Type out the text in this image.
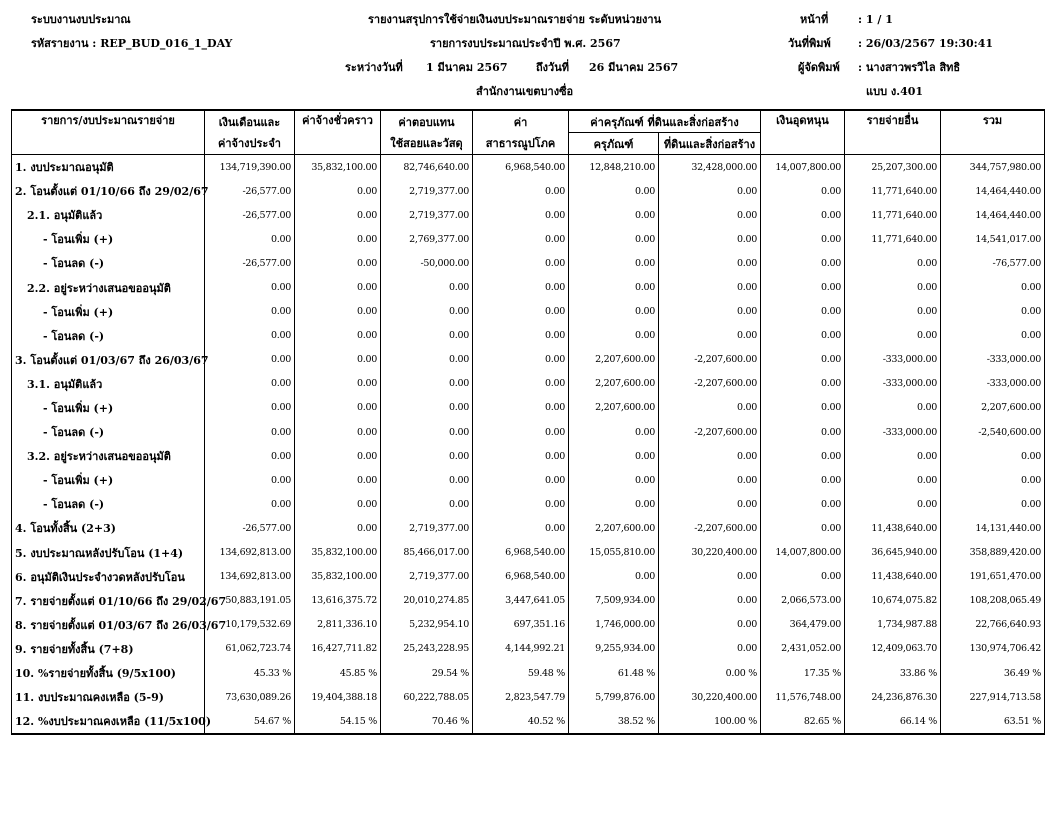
ระบบงานงบประมาณ
รหัสรายงาน : REP_BUD_016_1_DAY
รายงานสรุปการใช้จ่ายเงินงบประมาณรายจ่าย ระดับหน่วยงาน
รายการงบประมาณประจำปี พ.ศ. 2567
ระหว่างวันที่ 1 มีนาคม 2567	ถึงวันที่ 26 มีนาคม 2567
สำนักงานเขตบางซื่อ
หน้าที่	: 1 / 1
วันที่พิมพ์ : 26/03/2567 19:30:41
ผู้จัดพิมพ์ : นางสาวพรวิไล สิทธิ
แบบ ง.401
รายการ/งบประมาณรายจ่าย	เงินเดือนและ	ค่าจ้างชั่วคราว	ค่าตอบแทน	ค่า	ค่าครุภัณฑ์ ที่ดินและสิ่งก่อสร้าง		เงินอุดหนุน	รายจ่ายอื่น	รวม
	ค่าจ้างประจำ		ใช้สอยและวัสดุ	สาธารณูปโภค	ครุภัณฑ์	ที่ดินและสิ่งก่อสร้าง			
1. งบประมาณอนุมัติ	134,719,390.00	35,832,100.00	82,746,640.00	6,968,540.00	12,848,210.00	32,428,000.00	14,007,800.00	25,207,300.00	344,757,980.00
2. โอนตั้งแต่ 01/10/66 ถึง 29/02/67	-26,577.00	0.00	2,719,377.00	0.00	0.00	0.00	0.00	11,771,640.00	14,464,440.00
2.1. อนุมัติแล้ว	-26,577.00	0.00	2,719,377.00	0.00	0.00	0.00	0.00	11,771,640.00	14,464,440.00
- โอนเพิ่ม (+)	0.00	0.00	2,769,377.00	0.00	0.00	0.00	0.00	11,771,640.00	14,541,017.00
- โอนลด (-)	-26,577.00	0.00	-50,000.00	0.00	0.00	0.00	0.00	0.00	-76,577.00
2.2. อยู่ระหว่างเสนอขออนุมัติ	0.00	0.00	0.00	0.00	0.00	0.00	0.00	0.00	0.00
- โอนเพิ่ม (+)	0.00	0.00	0.00	0.00	0.00	0.00	0.00	0.00	0.00
- โอนลด (-)	0.00	0.00	0.00	0.00	0.00	0.00	0.00	0.00	0.00
3. โอนตั้งแต่ 01/03/67 ถึง 26/03/67	0.00	0.00	0.00	0.00	2,207,600.00	-2,207,600.00	0.00	-333,000.00	-333,000.00
3.1. อนุมัติแล้ว	0.00	0.00	0.00	0.00	2,207,600.00	-2,207,600.00	0.00	-333,000.00	-333,000.00
- โอนเพิ่ม (+)	0.00	0.00	0.00	0.00	2,207,600.00	0.00	0.00	0.00	2,207,600.00
- โอนลด (-)	0.00	0.00	0.00	0.00	0.00	-2,207,600.00	0.00	-333,000.00	-2,540,600.00
3.2. อยู่ระหว่างเสนอขออนุมัติ	0.00	0.00	0.00	0.00	0.00	0.00	0.00	0.00	0.00
- โอนเพิ่ม (+)	0.00	0.00	0.00	0.00	0.00	0.00	0.00	0.00	0.00
- โอนลด (-)	0.00	0.00	0.00	0.00	0.00	0.00	0.00	0.00	0.00
4. โอนทั้งสิ้น (2+3)	-26,577.00	0.00	2,719,377.00	0.00	2,207,600.00	-2,207,600.00	0.00	11,438,640.00	14,131,440.00
5. งบประมาณหลังปรับโอน (1+4)	134,692,813.00	35,832,100.00	85,466,017.00	6,968,540.00	15,055,810.00	30,220,400.00	14,007,800.00	36,645,940.00	358,889,420.00
6. อนุมัติเงินประจำงวดหลังปรับโอน	134,692,813.00	35,832,100.00	2,719,377.00	6,968,540.00	0.00	0.00	0.00	11,438,640.00	191,651,470.00
7. รายจ่ายตั้งแต่ 01/10/66 ถึง 29/02/67	50,883,191.05	13,616,375.72	20,010,274.85	3,447,641.05	7,509,934.00	0.00	2,066,573.00	10,674,075.82	108,208,065.49
8. รายจ่ายตั้งแต่ 01/03/67 ถึง 26/03/67	10,179,532.69	2,811,336.10	5,232,954.10	697,351.16	1,746,000.00	0.00	364,479.00	1,734,987.88	22,766,640.93
9. รายจ่ายทั้งสิ้น (7+8)	61,062,723.74	16,427,711.82	25,243,228.95	4,144,992.21	9,255,934.00	0.00	2,431,052.00	12,409,063.70	130,974,706.42
10. %รายจ่ายทั้งสิ้น (9/5x100)	45.33 %	45.85 %	29.54 %	59.48 %	61.48 %	0.00 %	17.35 %	33.86 %	36.49 %
11. งบประมาณคงเหลือ (5-9)	73,630,089.26	19,404,388.18	60,222,788.05	2,823,547.79	5,799,876.00	30,220,400.00	11,576,748.00	24,236,876.30	227,914,713.58
12. %งบประมาณคงเหลือ (11/5x100)	54.67 %	54.15 %	70.46 %	40.52 %	38.52 %	100.00 %	82.65 %	66.14 %	63.51 %
